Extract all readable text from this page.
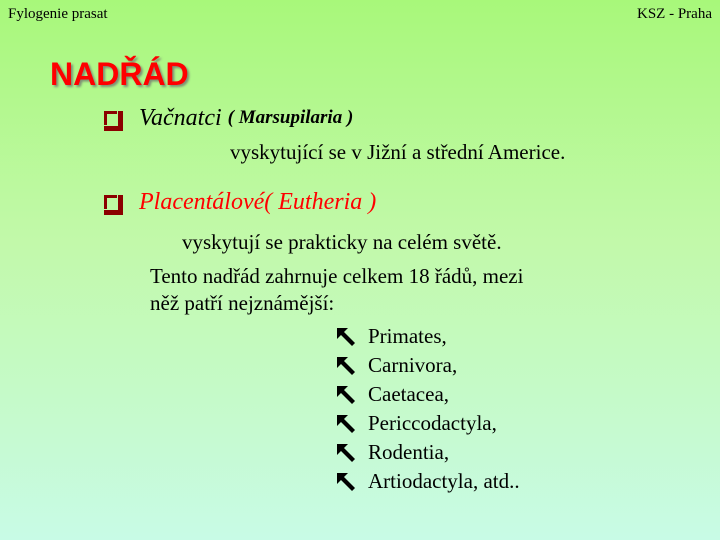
Fylogenie prasat	KSZ - Praha
NADŘÁD
Vačnatci ( Marsupilaria )
vyskytující se v Jižní a střední Americe.
Placentálové( Eutheria )
vyskytují se prakticky na celém světě.
Tento nadřád zahrnuje celkem 18 řádů, mezi
něž patří nejznámější:
Primates,
Carnivora,
Caetacea,
Periccodactyla,
Rodentia,
Artiodactyla, atd..
